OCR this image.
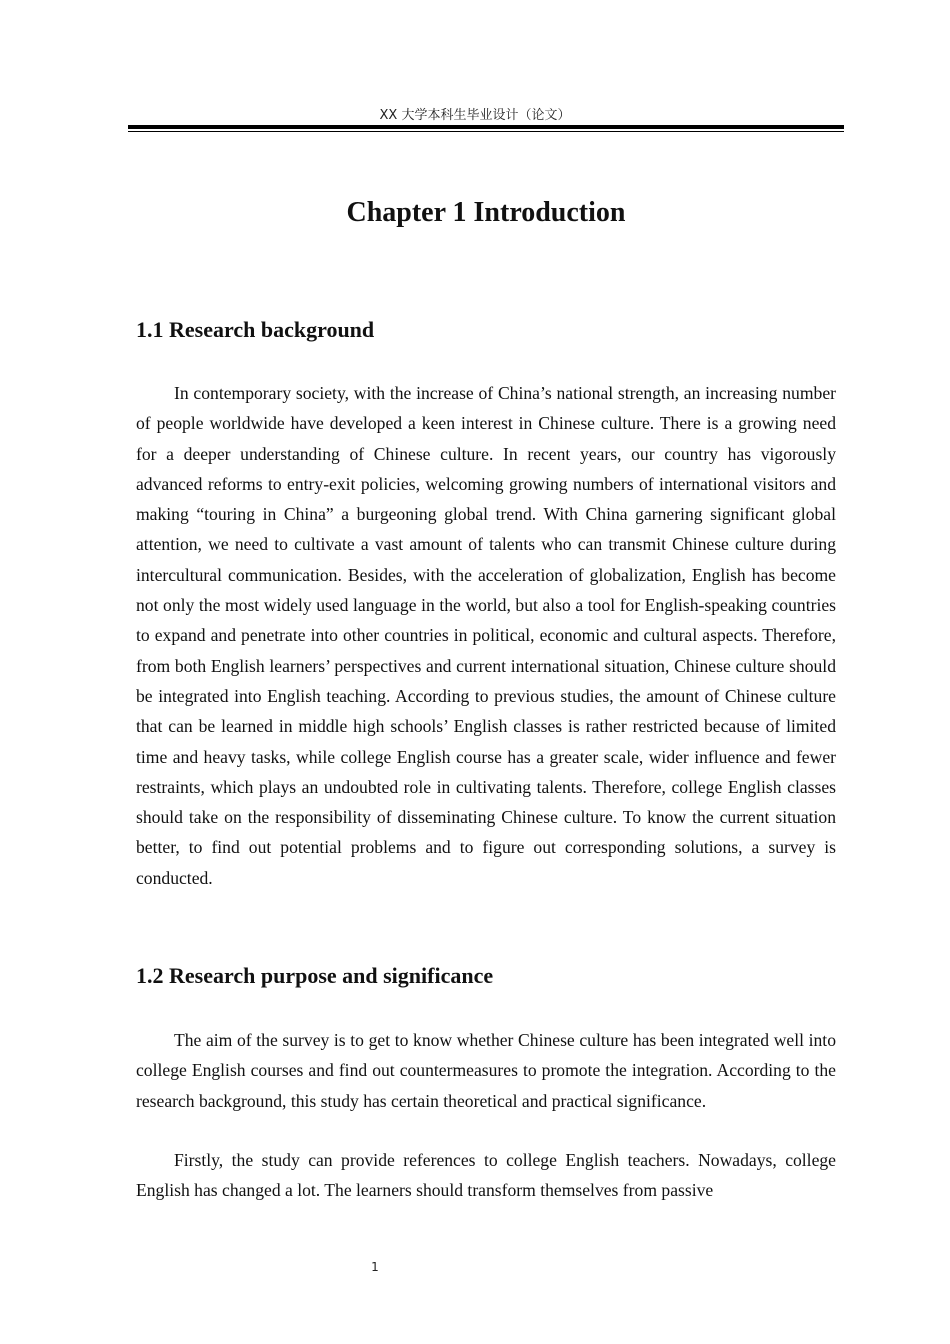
XX 大学本科生毕业设计（论文）
Chapter 1 Introduction
1.1 Research background

In contemporary society, with the increase of China’s national strength, an increasing number of people worldwide have developed a keen interest in Chinese culture. There is a growing need for a deeper understanding of Chinese culture. In recent years, our country has vigorously advanced reforms to entry-exit policies, welcoming growing numbers of international visitors and making “touring in China” a burgeoning global trend. With China garnering significant global attention, we need to cultivate a vast amount of talents who can transmit Chinese culture during intercultural communication. Besides, with the acceleration of globalization, English has become not only the most widely used language in the world, but also a tool for English-speaking countries to expand and penetrate into other countries in political, economic and cultural aspects. Therefore, from both English learners’ perspectives and current international situation, Chinese culture should be integrated into English teaching. According to previous studies, the amount of Chinese culture that can be learned in middle high schools’ English classes is rather restricted because of limited time and heavy tasks, while college English course has a greater scale, wider influence and fewer restraints, which plays an undoubted role in cultivating talents. Therefore, college English classes should take on the responsibility of disseminating Chinese culture. To know the current situation better, to find out potential problems and to figure out corresponding solutions, a survey is conducted.

1.2 Research purpose and significance

The aim of the survey is to get to know whether Chinese culture has been integrated well into college English courses and find out countermeasures to promote the integration. According to the research background, this study has certain theoretical and practical significance.

Firstly, the study can provide references to college English teachers. Nowadays, college English has changed a lot. The learners should transform themselves from passive

1
